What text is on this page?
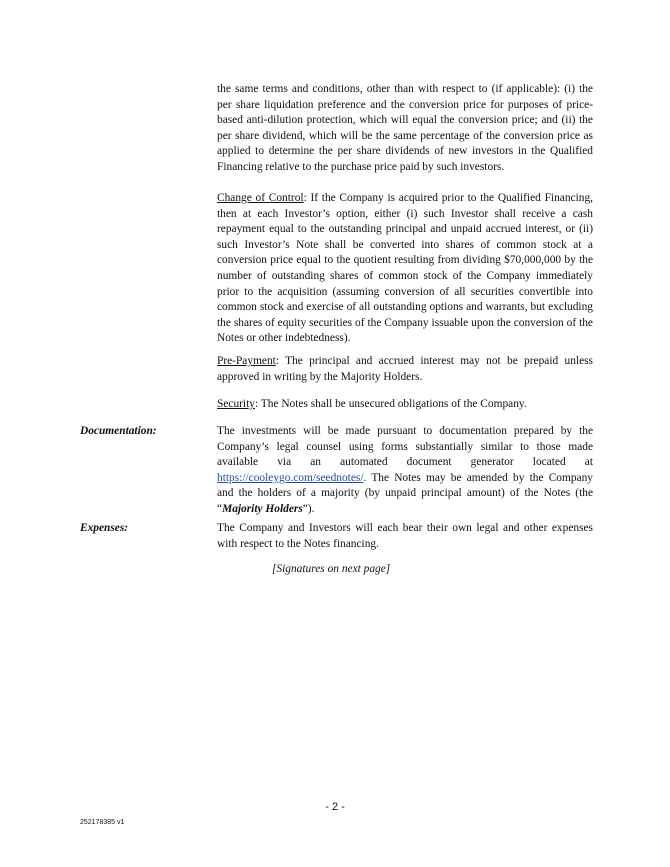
the same terms and conditions, other than with respect to (if applicable): (i) the per share liquidation preference and the conversion price for purposes of price-based anti-dilution protection, which will equal the conversion price; and (ii) the per share dividend, which will be the same percentage of the conversion price as applied to determine the per share dividends of new investors in the Qualified Financing relative to the purchase price paid by such investors.

Change of Control: If the Company is acquired prior to the Qualified Financing, then at each Investor’s option, either (i) such Investor shall receive a cash repayment equal to the outstanding principal and unpaid accrued interest, or (ii) such Investor’s Note shall be converted into shares of common stock at a conversion price equal to the quotient resulting from dividing $70,000,000 by the number of outstanding shares of common stock of the Company immediately prior to the acquisition (assuming conversion of all securities convertible into common stock and exercise of all outstanding options and warrants, but excluding the shares of equity securities of the Company issuable upon the conversion of the Notes or other indebtedness).

Pre-Payment: The principal and accrued interest may not be prepaid unless approved in writing by the Majority Holders.

Security: The Notes shall be unsecured obligations of the Company.

Documentation:	The investments will be made pursuant to documentation prepared by the Company’s legal counsel using forms substantially similar to those made available via an automated document generator located at https://cooleygo.com/seednotes/. The Notes may be amended by the Company and the holders of a majority (by unpaid principal amount) of the Notes (the “Majority Holders”).

Expenses:	The Company and Investors will each bear their own legal and other expenses with respect to the Notes financing.

[Signatures on next page]

- 2 -

252178385 v1
